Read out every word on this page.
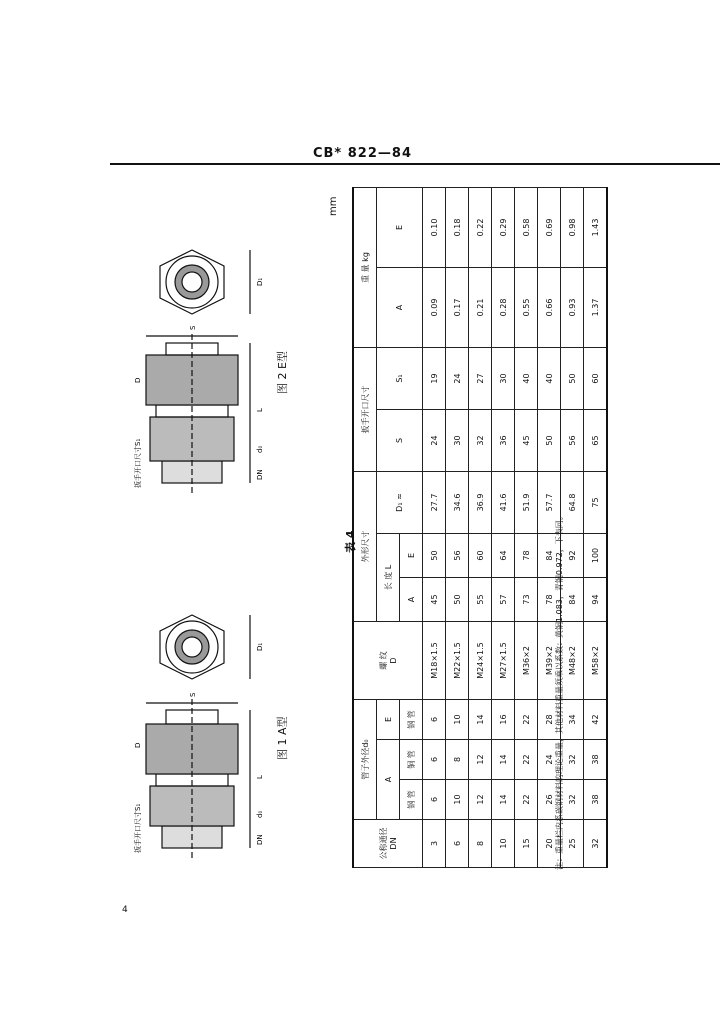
CB* 822—84
4
扳手开口尺寸S₁
D
DN
d₀
L
S
D₁
图 1 A型
扳手开口尺寸S₁
D
DN
d₀
L
S
D₁
图 2 E型
表 4
mm
公称通径
DN	管子外径d₀			螺 纹
D	外形尺寸			扳手开口尺寸		重 量 kg	
	A		E		长 度 L		D₁ ≈	S	S₁	A	E
	钢 管	铜 管	钢 管		A	E					
3	6	6	6	M18×1.5	45	50	27.7	24	19	0.09	0.10
6	10	8	10	M22×1.5	50	56	34.6	30	24	0.17	0.18
8	12	12	14	M24×1.5	55	60	36.9	32	27	0.21	0.22
10	14	14	16	M27×1.5	57	64	41.6	36	30	0.28	0.29
15	22	22	22	M36×2	73	78	51.9	45	40	0.55	0.58
20	26	24	28	M39×2	78	84	57.7	50	40	0.66	0.69
25	32	32	34	M48×2	84	92	64.8	56	50	0.93	0.98
32	38	38	42	M58×2	94	100	75	65	60	1.37	1.43
注：重量栏内系碳钢材料的理论重量，其他材料重量须乘以系数：黄铜1.083，青铜0.972，下表同。
